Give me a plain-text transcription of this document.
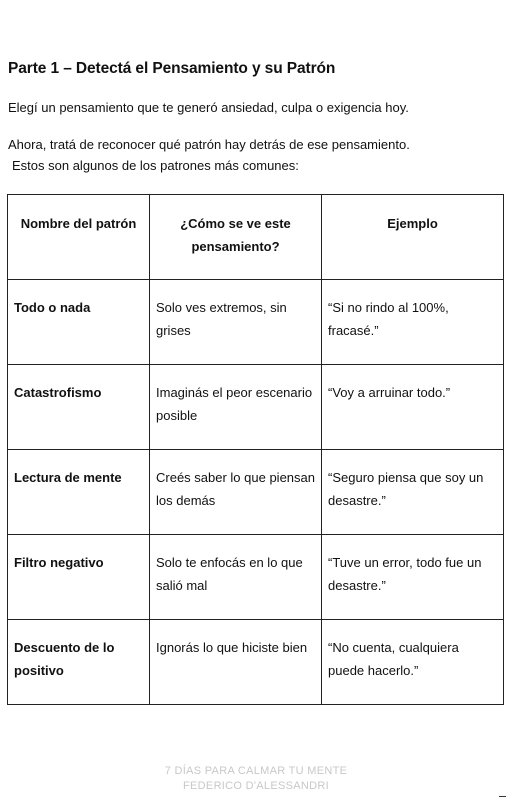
Parte 1 – Detectá el Pensamiento y su Patrón
Elegí un pensamiento que te generó ansiedad, culpa o exigencia hoy.
Ahora, tratá de reconocer qué patrón hay detrás de ese pensamiento.
Estos son algunos de los patrones más comunes:
Nombre del patrón	¿Cómo se ve este pensamiento?	Ejemplo
Todo o nada	Solo ves extremos, sin grises	“Si no rindo al 100%, fracasé.”
Catastrofismo	Imaginás el peor escenario posible	“Voy a arruinar todo.”
Lectura de mente	Creés saber lo que piensan los demás	“Seguro piensa que soy un desastre.”
Filtro negativo	Solo te enfocás en lo que salió mal	“Tuve un error, todo fue un desastre.”
Descuento de lo positivo	Ignorás lo que hiciste bien	“No cuenta, cualquiera puede hacerlo.”
7 DÍAS PARA CALMAR TU MENTE
FEDERICO D'ALESSANDRI
